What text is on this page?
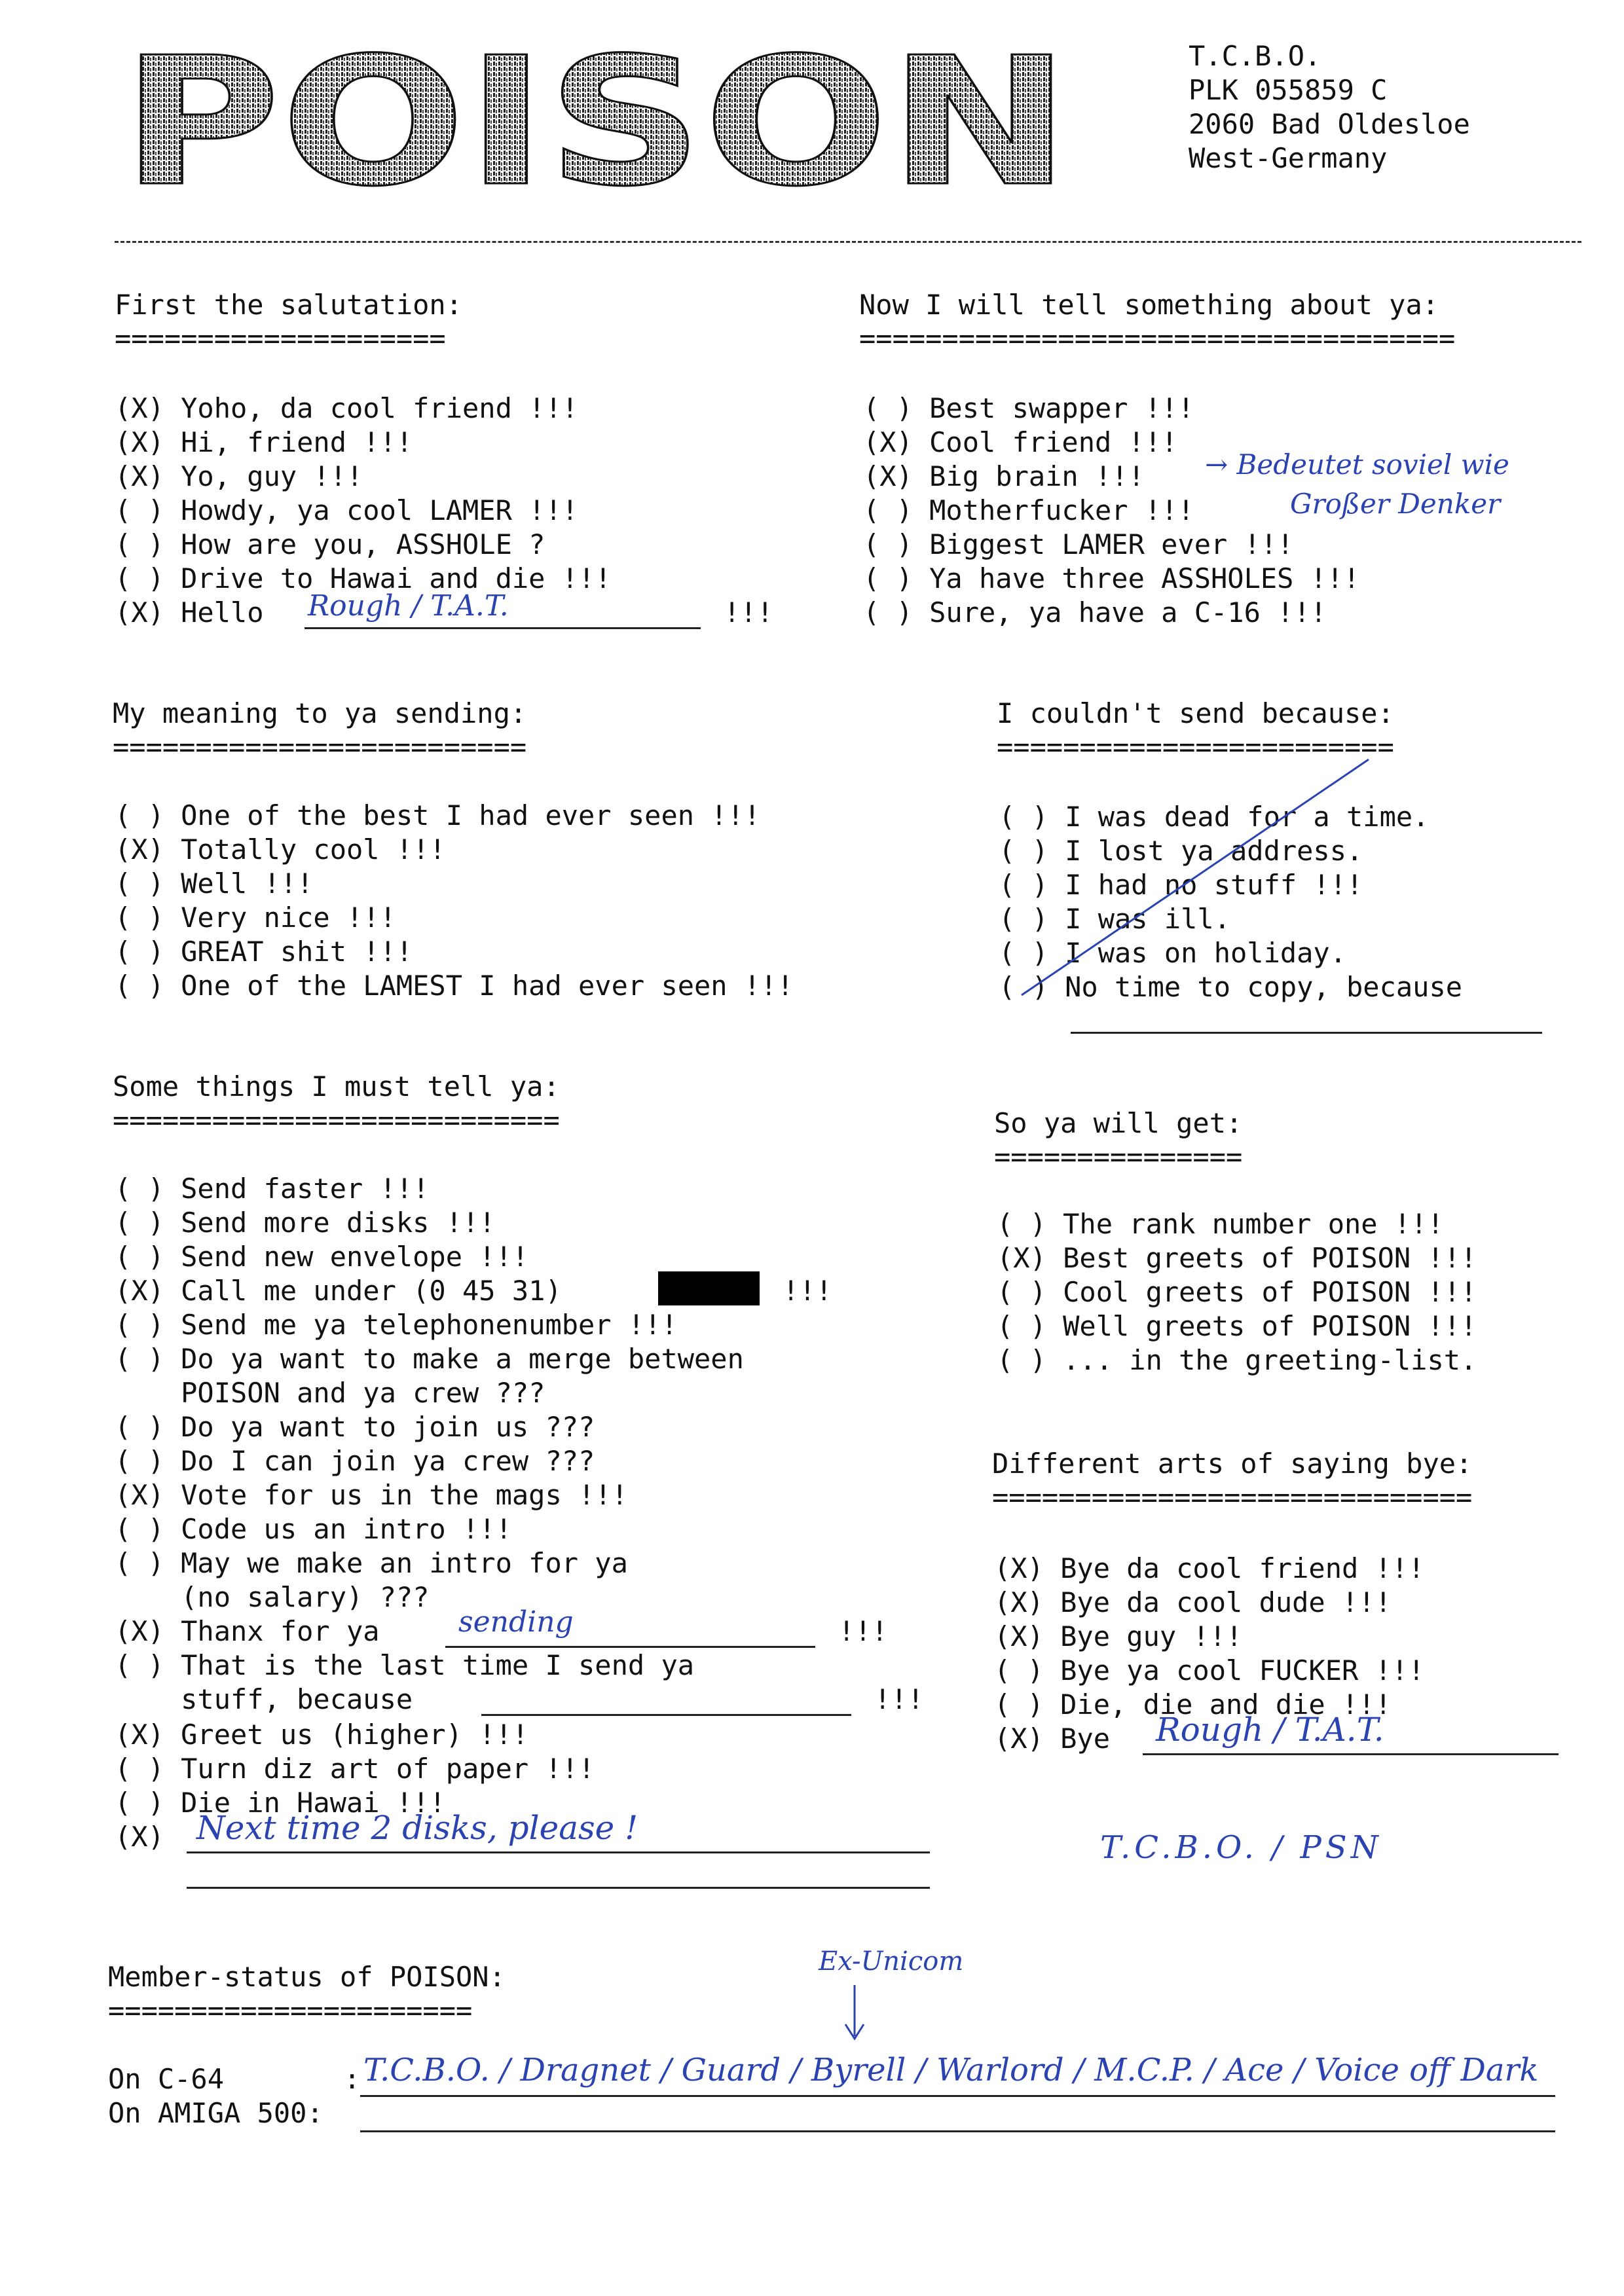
POISON	T.C.B.O.
PLK 055859 C
2060 Bad Oldesloe
West-Germany
First the salutation:
====================
(X) Yoho, da cool friend !!!
(X) Hi, friend !!!
(X) Yo, guy !!!
( ) Howdy, ya cool LAMER !!!
( ) How are you, ASSHOLE ?
( ) Drive to Hawai and die !!!
(X) Hello	!!!
Rough / T.A.T.
Now I will tell something about ya:
====================================
( ) Best swapper !!!
(X) Cool friend !!!
(X) Big brain !!!
( ) Motherfucker !!!
( ) Biggest LAMER ever !!!
( ) Ya have three ASSHOLES !!!
( ) Sure, ya have a C-16 !!!
→ Bedeutet soviel wie
Großer Denker
My meaning to ya sending:
=========================
( ) One of the best I had ever seen !!!
(X) Totally cool !!!
( ) Well !!!
( ) Very nice !!!
( ) GREAT shit !!!
( ) One of the LAMEST I had ever seen !!!
I couldn't send because:
========================
( ) I was dead for a time.
( ) I lost ya address.
( ) I had no stuff !!!
( ) I was ill.
( ) I was on holiday.
( ) No time to copy, because
Some things I must tell ya:
===========================
( ) Send faster !!!
( ) Send more disks !!!
( ) Send new envelope !!!
(X) Call me under (0 45 31)	!!!
( ) Send me ya telephonenumber !!!
( ) Do ya want to make a merge between
POISON and ya crew ???
( ) Do ya want to join us ???
( ) Do I can join ya crew ???
(X) Vote for us in the mags !!!
( ) Code us an intro !!!
( ) May we make an intro for ya
(no salary) ???
(X) Thanx for ya	sending	!!!
( ) That is the last time I send ya
stuff, because	!!!
(X) Greet us (higher) !!!
( ) Turn diz art of paper !!!
( ) Die in Hawai !!!
(X) Next time 2 disks, please !
So ya will get:
===============
( ) The rank number one !!!
(X) Best greets of POISON !!!
( ) Cool greets of POISON !!!
( ) Well greets of POISON !!!
( ) ... in the greeting-list.
Different arts of saying bye:
=============================
(X) Bye da cool friend !!!
(X) Bye da cool dude !!!
(X) Bye guy !!!
( ) Bye ya cool FUCKER !!!
( ) Die, die and die !!!
(X) Bye Rough / T.A.T.
T.C.B.O. / PSN
Member-status of POISON:
======================
Ex-Unicom
On C-64	: T.C.B.O. / Dragnet / Guard / Byrell / Warlord / M.C.P. / Ace / Voice off Dark
On AMIGA 500:
